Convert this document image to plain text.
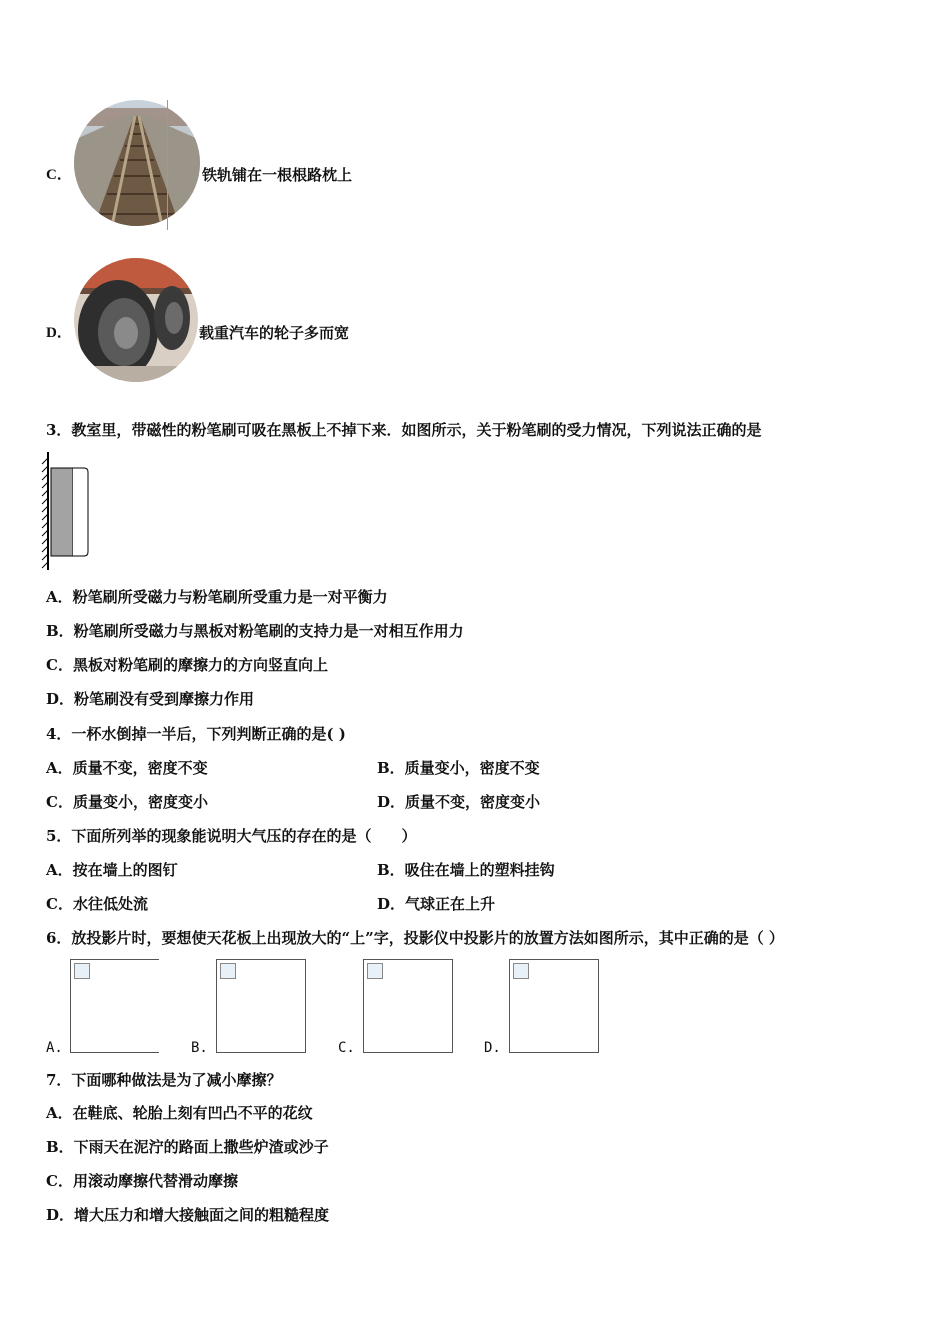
C．	铁轨铺在一根根路枕上
D．	载重汽车的轮子多而宽
3．教室里，带磁性的粉笔刷可吸在黑板上不掉下来．如图所示，关于粉笔刷的受力情况，下列说法正确的是
A．粉笔刷所受磁力与粉笔刷所受重力是一对平衡力
B．粉笔刷所受磁力与黑板对粉笔刷的支持力是一对相互作用力
C．黑板对粉笔刷的摩擦力的方向竖直向上
D．粉笔刷没有受到摩擦力作用
4．一杯水倒掉一半后，下列判断正确的是( )
A．质量不变，密度不变	B．质量变小，密度不变
C．质量变小，密度变小	D．质量不变，密度变小
5．下面所列举的现象能说明大气压的存在的是（　　）
A．按在墙上的图钉	B．吸住在墙上的塑料挂钩
C．水往低处流	D．气球正在上升
6．放投影片时，要想使天花板上出现放大的“上”字，投影仪中投影片的放置方法如图所示，其中正确的是（ ）
A.	B.	C.	D.
7．下面哪种做法是为了减小摩擦？
A．在鞋底、轮胎上刻有凹凸不平的花纹
B．下雨天在泥泞的路面上撒些炉渣或沙子
C．用滚动摩擦代替滑动摩擦
D．增大压力和增大接触面之间的粗糙程度
